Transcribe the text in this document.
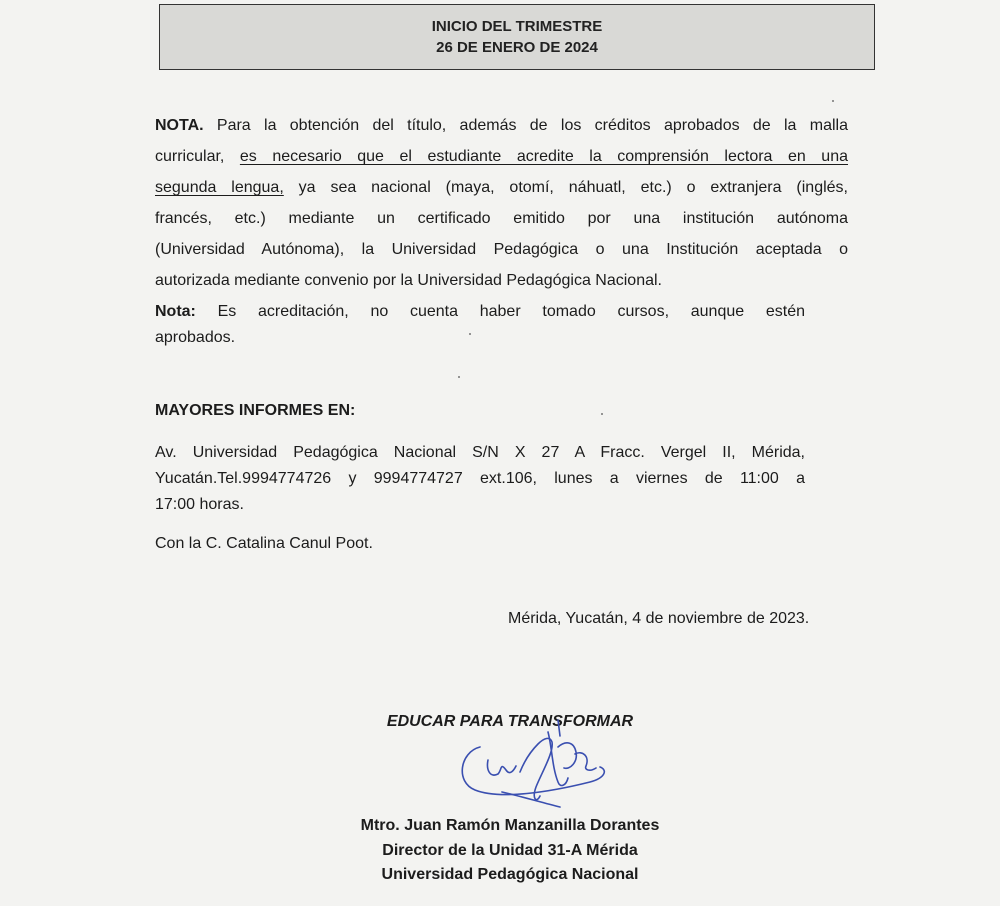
INICIO DEL TRIMESTRE
26 DE ENERO DE 2024
NOTA. Para la obtención del título, además de los créditos aprobados de la malla
curricular, es necesario que el estudiante acredite la comprensión lectora en una
segunda lengua, ya sea nacional (maya, otomí, náhuatl, etc.) o extranjera (inglés,
francés, etc.) mediante un certificado emitido por una institución autónoma
(Universidad Autónoma), la Universidad Pedagógica o una Institución aceptada o
autorizada mediante convenio por la Universidad Pedagógica Nacional.
Nota: Es acreditación, no cuenta haber tomado cursos, aunque estén
aprobados.
MAYORES INFORMES EN:
Av. Universidad Pedagógica Nacional S/N X 27 A Fracc. Vergel II, Mérida,
Yucatán.Tel.9994774726 y 9994774727 ext.106, lunes a viernes de 11:00 a
17:00 horas.
Con la C. Catalina Canul Poot.
Mérida, Yucatán, 4 de noviembre de 2023.
EDUCAR PARA TRANSFORMAR
Mtro. Juan Ramón Manzanilla Dorantes
Director de la Unidad 31-A Mérida
Universidad Pedagógica Nacional
